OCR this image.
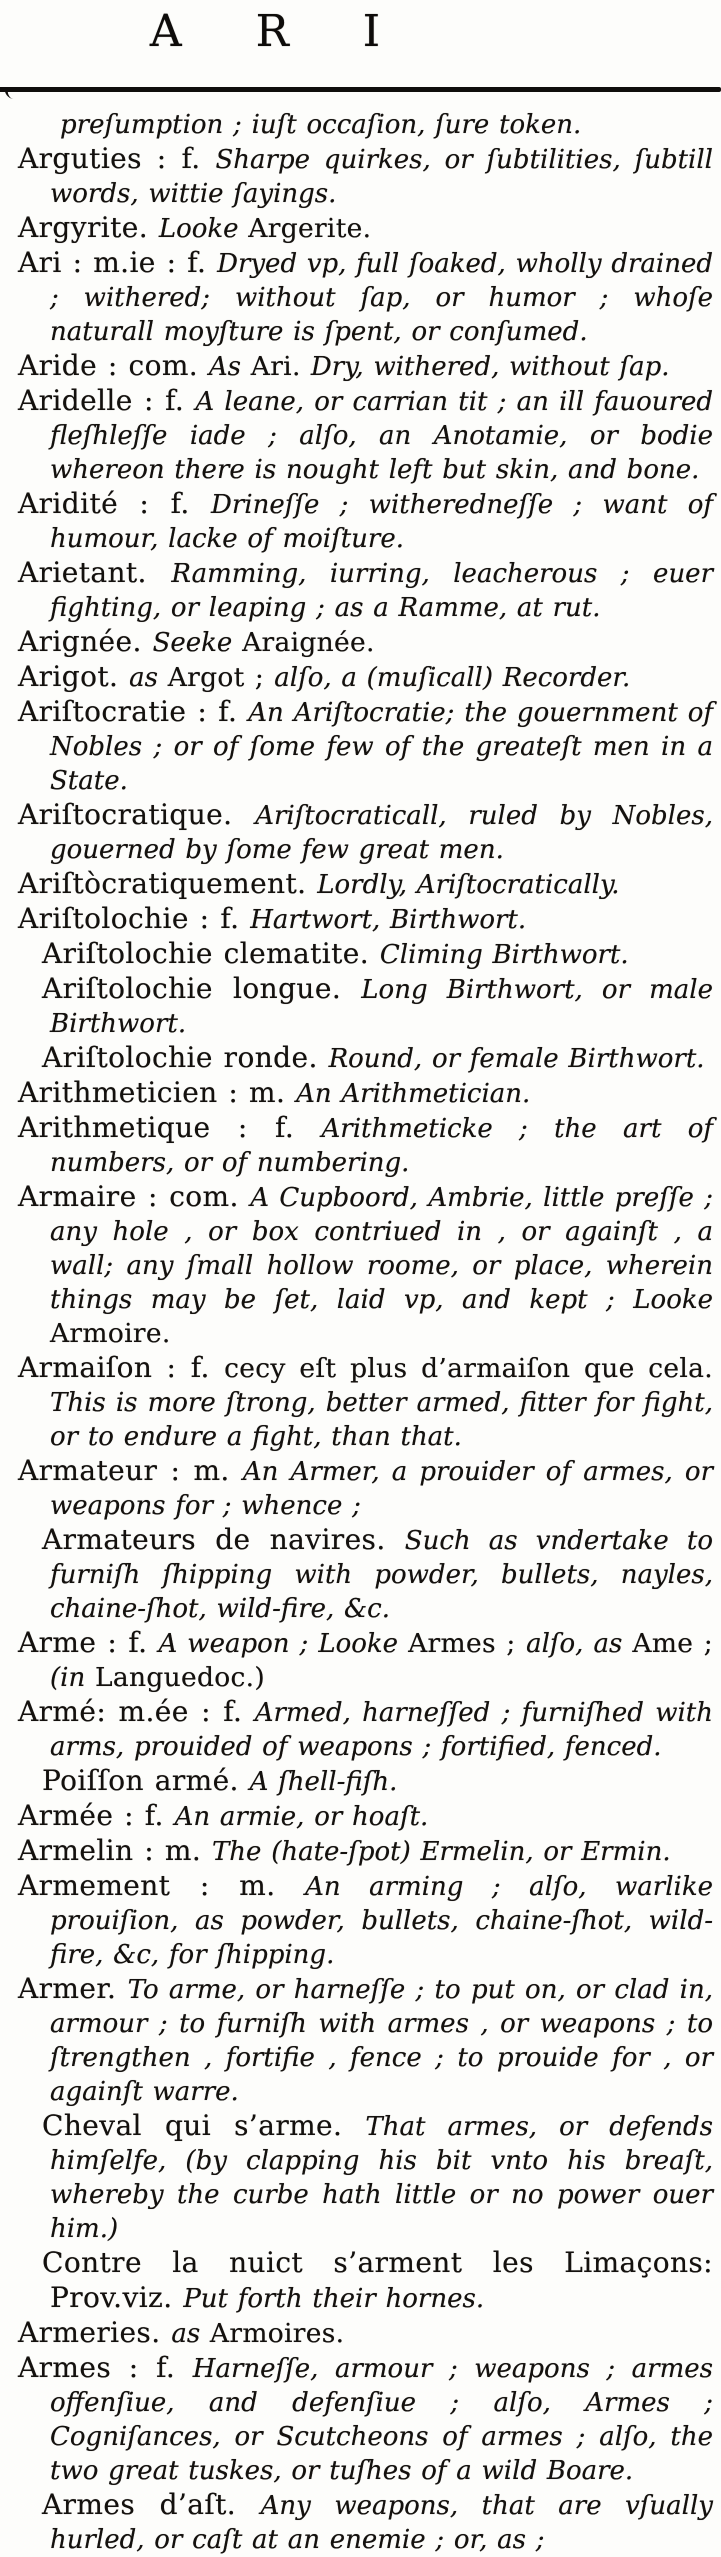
A R I

preſumption ; iuſt occaſion, ſure token.

Arguties : f. Sharpe quirkes, or ſubtilities, ſubtill words, wittie ſayings.

Argyrite. Looke Argerite.

Ari : m.ie : f. Dryed vp, full ſoaked, wholly drained ; withered; without ſap, or humor ; whoſe naturall moyſture is ſpent, or conſumed.

Aride : com. As Ari. Dry, withered, without ſap.

Aridelle : f. A leane, or carrian tit ; an ill fauoured fleſhleſſe iade ; alſo, an Anotamie, or bodie whereon there is nought left but skin, and bone.

Aridité : f. Drineſſe ; witheredneſſe ; want of humour, lacke of moiſture.

Arietant. Ramming, iurring, leacherous ; euer fighting, or leaping ; as a Ramme, at rut.

Arignée. Seeke Araignée.

Arigot. as Argot ; alſo, a (muſicall) Recorder.

Ariſtocratie : f. An Ariſtocratie; the gouernment of Nobles ; or of ſome few of the greateſt men in a State.

Ariſtocratique. Ariſtocraticall, ruled by Nobles, gouerned by ſome few great men.

Ariſtòcratiquement. Lordly, Ariſtocratically.

Ariſtolochie : f. Hartwort, Birthwort.

Ariſtolochie clematite. Climing Birthwort.

Ariſtolochie longue. Long Birthwort, or male Birthwort.

Ariſtolochie ronde. Round, or female Birthwort.

Arithmeticien : m. An Arithmetician.

Arithmetique : f. Arithmeticke ; the art of numbers, or of numbering.

Armaire : com. A Cupboord, Ambrie, little preſſe ; any hole , or box contriued in , or againſt , a wall; any ſmall hollow roome, or place, wherein things may be ſet, laid vp, and kept ; Looke Armoire.

Armaiſon : f. cecy eſt plus d’armaiſon que cela. This is more ſtrong, better armed, fitter for fight, or to endure a fight, than that.

Armateur : m. An Armer, a prouider of armes, or weapons for ; whence ;

Armateurs de navires. Such as vndertake to furniſh ſhipping with powder, bullets, nayles, chaine-ſhot, wild-fire, &c.

Arme : f. A weapon ; Looke Armes ; alſo, as Ame ; (in Languedoc.)

Armé: m.ée : f. Armed, harneſſed ; furniſhed with arms, prouided of weapons ; fortified, fenced.

Poiſſon armé. A ſhell-fiſh.

Armée : f. An armie, or hoaſt.

Armelin : m. The (hate-ſpot) Ermelin, or Ermin.

Armement : m. An arming ; alſo, warlike prouiſion, as powder, bullets, chaine-ſhot, wild-fire, &c, for ſhipping.

Armer. To arme, or harneſſe ; to put on, or clad in, armour ; to furniſh with armes , or weapons ; to ſtrengthen , fortifie , fence ; to prouide for , or againſt warre.

Cheval qui s’arme. That armes, or defends himſelfe, (by clapping his bit vnto his breaſt, whereby the curbe hath little or no power ouer him.)

Contre la nuict s’arment les Limaçons: Prov.viz. Put forth their hornes.

Armeries. as Armoires.

Armes : f. Harneſſe, armour ; weapons ; armes offenſiue, and defenſiue ; alſo, Armes ; Cogniſances, or Scutcheons of armes ; alſo, the two great tuskes, or tuſhes of a wild Boare.

Armes d’aſt. Any weapons, that are vſually hurled, or caſt at an enemie ; or, as ;
